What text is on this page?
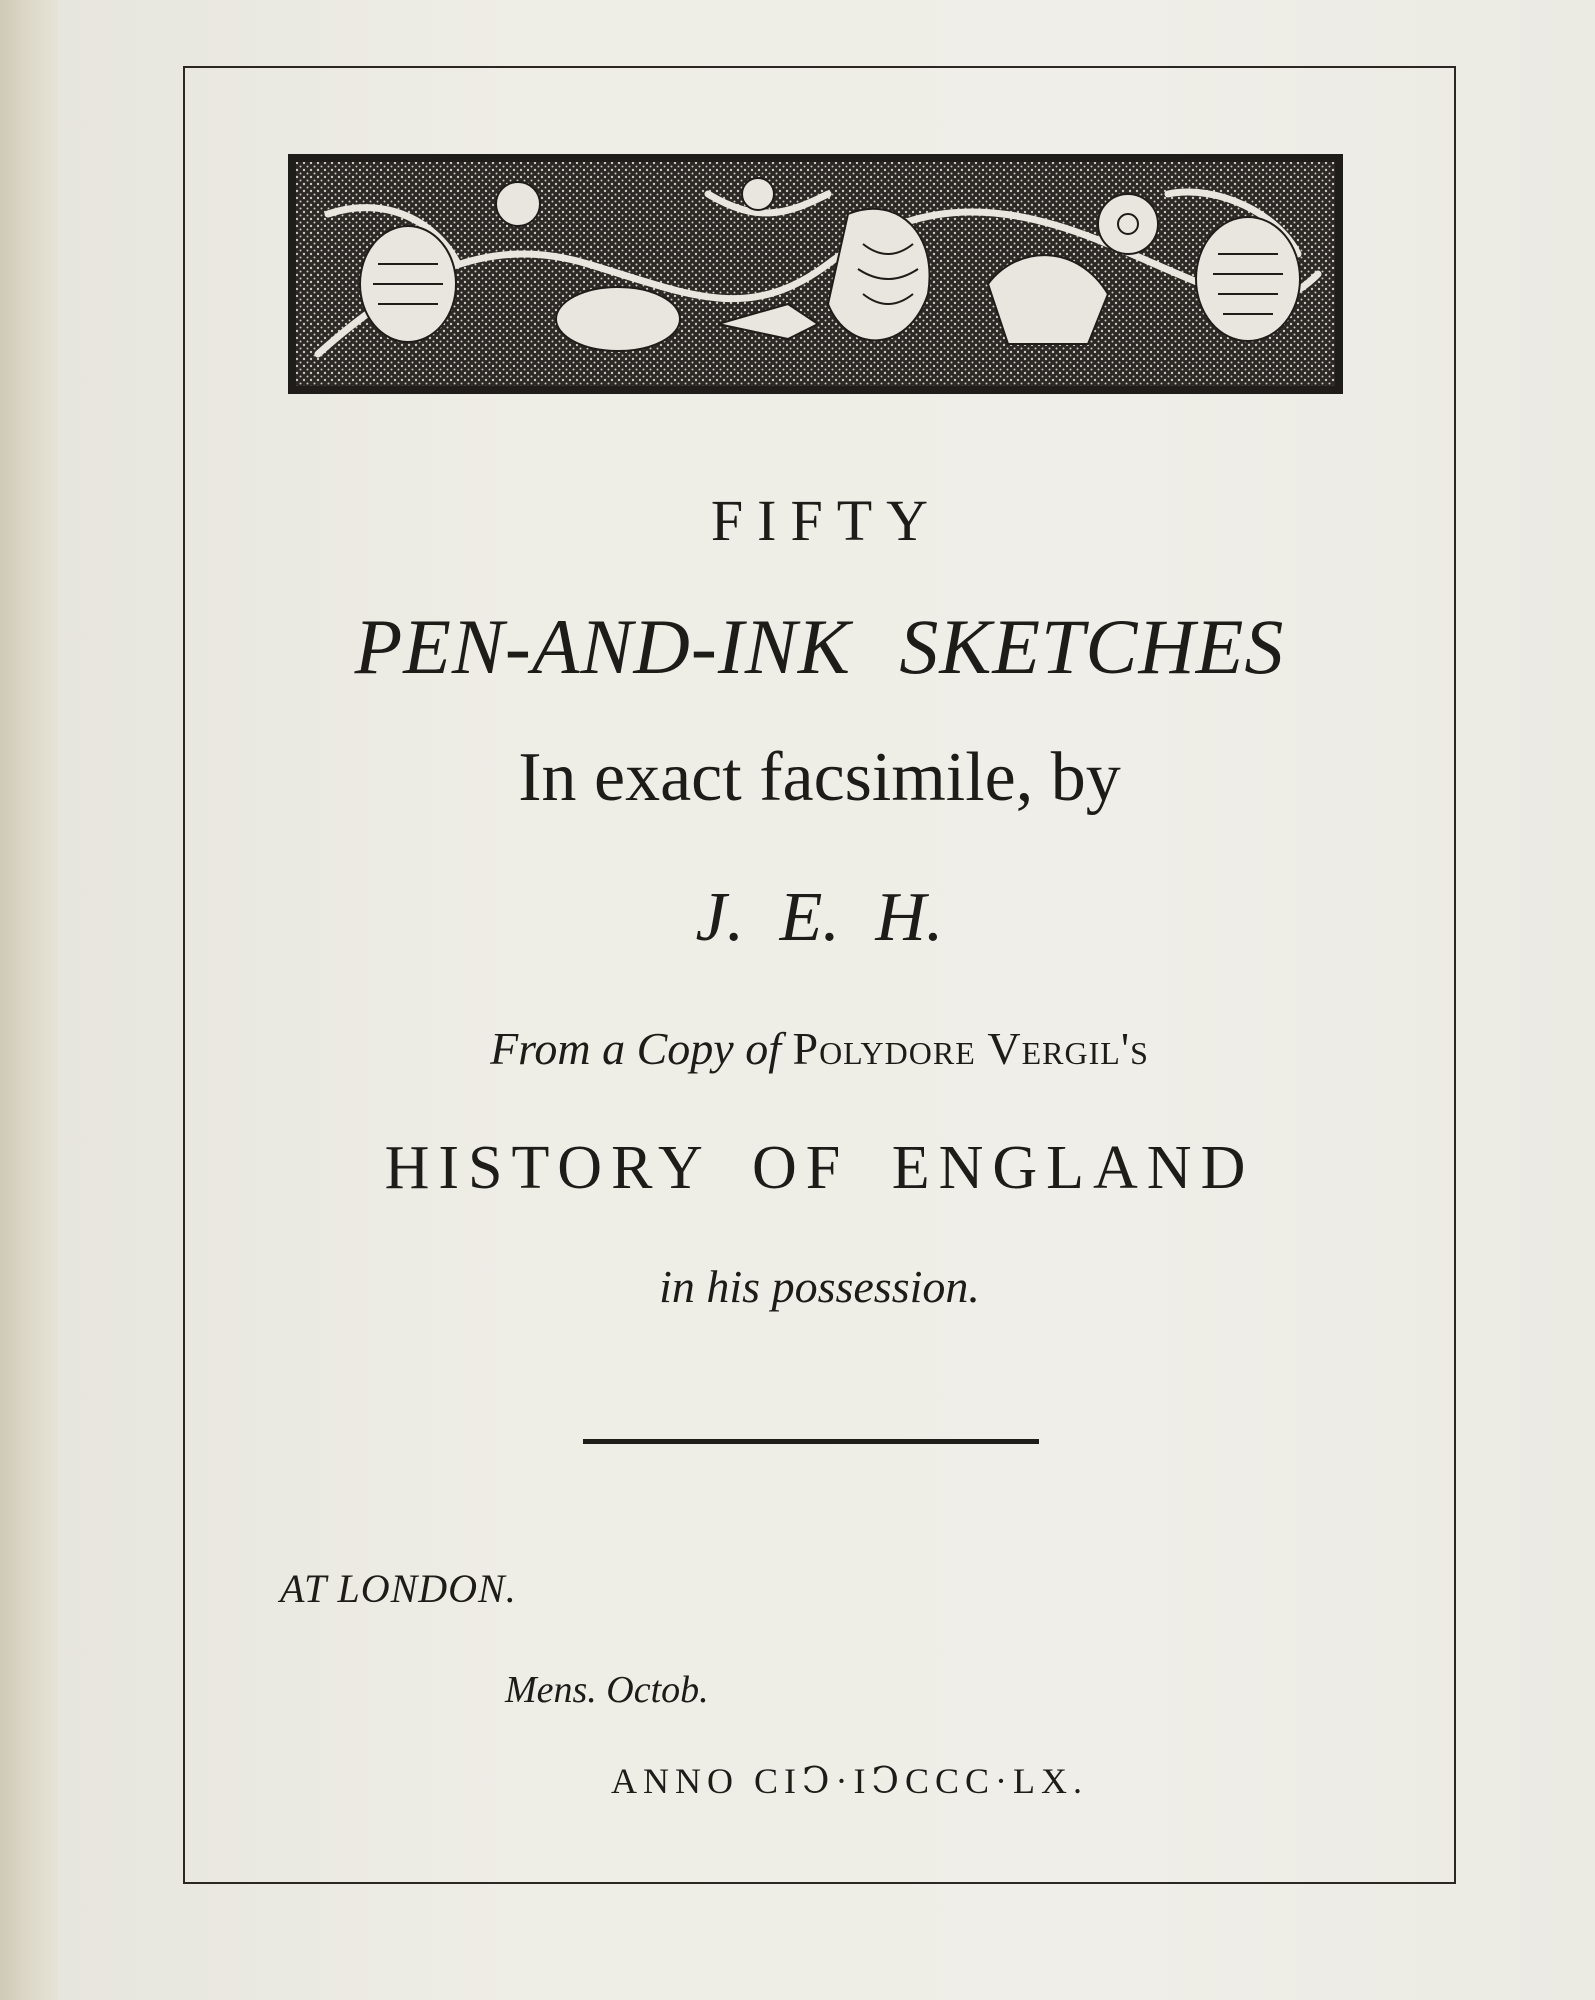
FIFTY
PEN-AND-INK SKETCHES
In exact facsimile, by
J. E. H.
From a Copy of Polydore Vergil's
HISTORY OF ENGLAND
in his possession.
AT LONDON.
Mens. Octob.
ANNO CIↃ·IↃCCC·LX.
